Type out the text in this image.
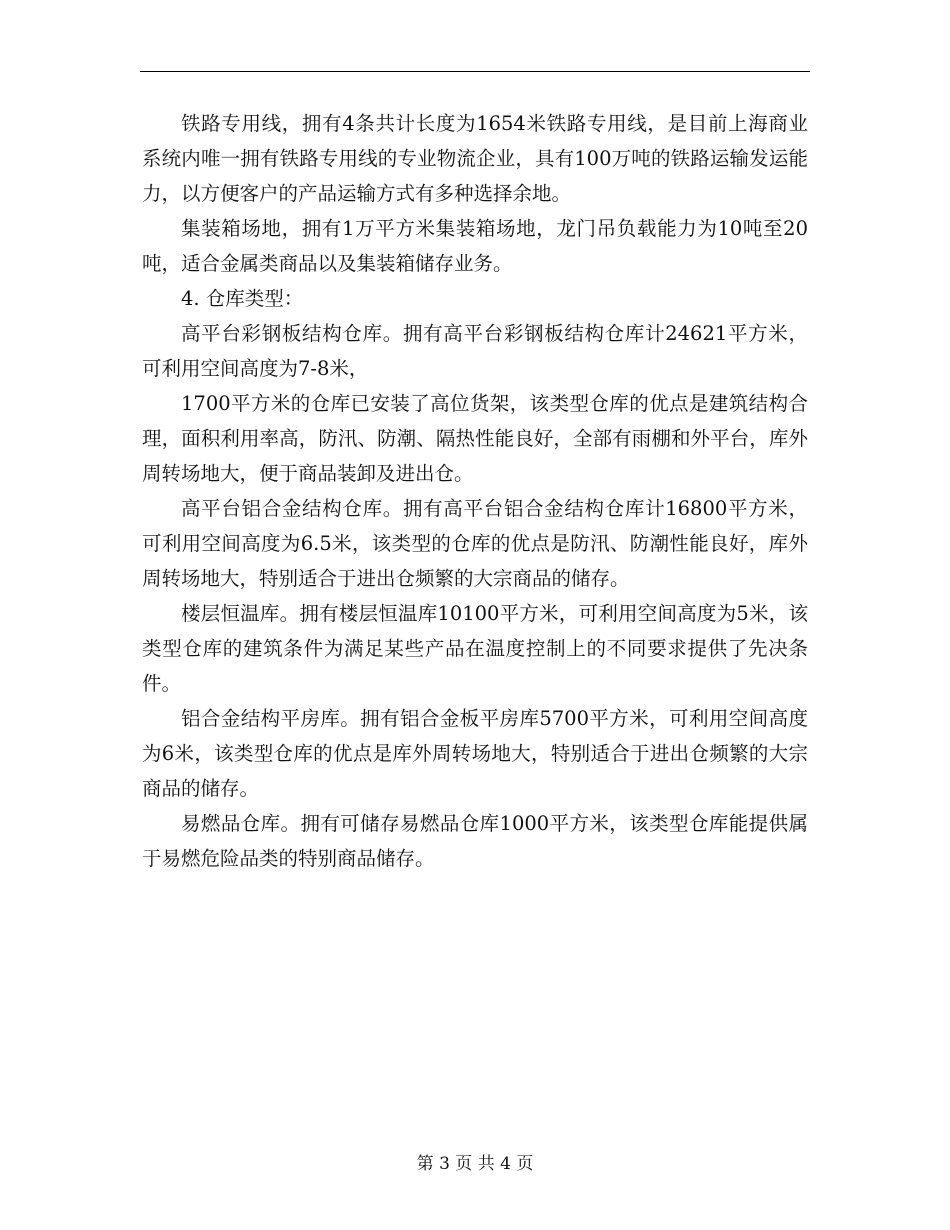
铁路专用线，拥有4条共计长度为1654米铁路专用线，是目前上海商业系统内唯一拥有铁路专用线的专业物流企业，具有100万吨的铁路运输发运能力，以方便客户的产品运输方式有多种选择余地。

集装箱场地，拥有1万平方米集装箱场地，龙门吊负载能力为10吨至20吨，适合金属类商品以及集装箱储存业务。

4. 仓库类型：

高平台彩钢板结构仓库。拥有高平台彩钢板结构仓库计24621平方米，可利用空间高度为7-8米，

1700平方米的仓库已安装了高位货架，该类型仓库的优点是建筑结构合理，面积利用率高，防汛、防潮、隔热性能良好，全部有雨棚和外平台，库外周转场地大，便于商品装卸及进出仓。

高平台铝合金结构仓库。拥有高平台铝合金结构仓库计16800平方米，可利用空间高度为6.5米，该类型的仓库的优点是防汛、防潮性能良好，库外周转场地大，特别适合于进出仓频繁的大宗商品的储存。

楼层恒温库。拥有楼层恒温库10100平方米，可利用空间高度为5米，该类型仓库的建筑条件为满足某些产品在温度控制上的不同要求提供了先决条件。

铝合金结构平房库。拥有铝合金板平房库5700平方米，可利用空间高度为6米，该类型仓库的优点是库外周转场地大，特别适合于进出仓频繁的大宗商品的储存。

易燃品仓库。拥有可储存易燃品仓库1000平方米，该类型仓库能提供属于易燃危险品类的特别商品储存。

第 3 页 共 4 页
